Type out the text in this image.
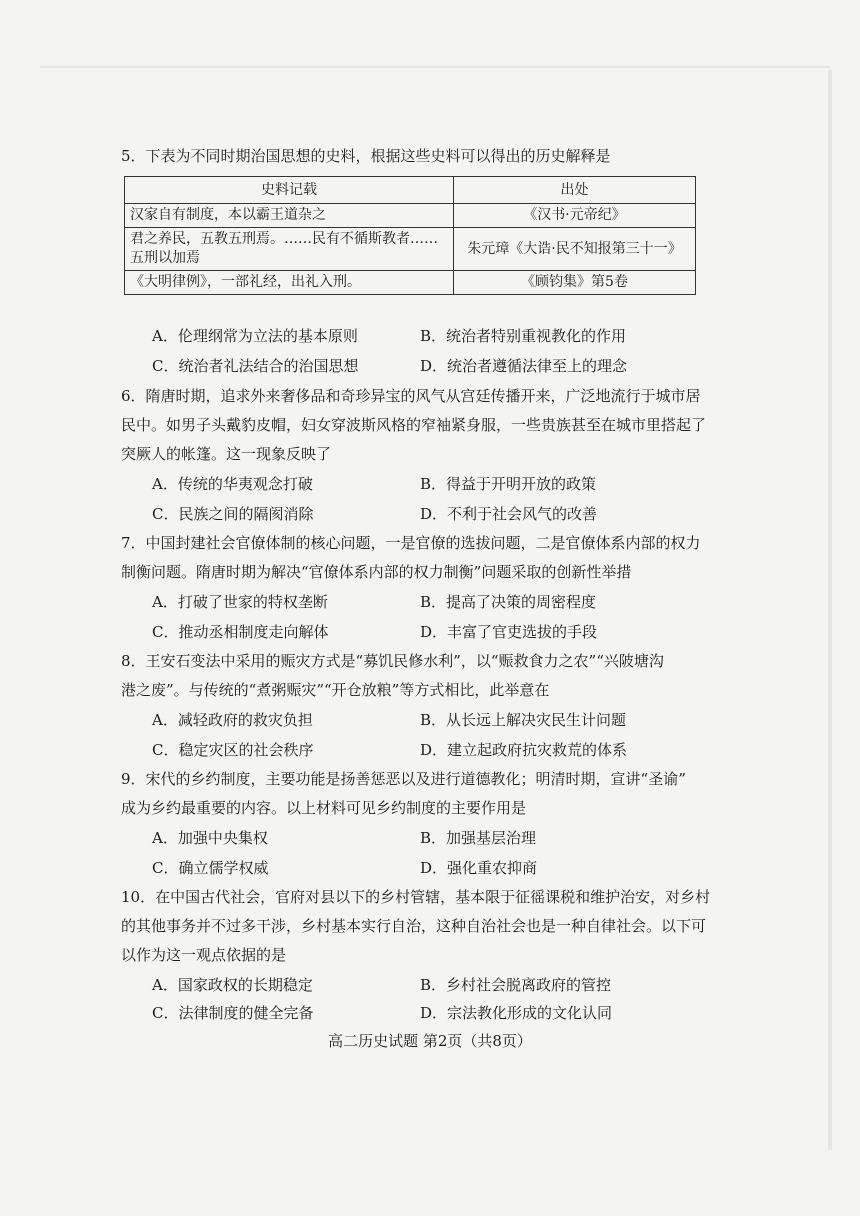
5．下表为不同时期治国思想的史料，根据这些史料可以得出的历史解释是
史料记载	出处
汉家自有制度，本以霸王道杂之	《汉书·元帝纪》

君之养民，五教五刑焉。……民有不循斯教者……
五刑以加焉	朱元璋《大诰·民不知报第三十一》
《大明律例》，一部礼经，出礼入刑。	《顾钧集》第5卷
A．伦理纲常为立法的基本原则	B．统治者特别重视教化的作用
C．统治者礼法结合的治国思想	D．统治者遵循法律至上的理念
6．隋唐时期，追求外来奢侈品和奇珍异宝的风气从宫廷传播开来，广泛地流行于城市居
民中。如男子头戴豹皮帽，妇女穿波斯风格的窄袖紧身服，一些贵族甚至在城市里搭起了
突厥人的帐篷。这一现象反映了
A．传统的华夷观念打破	B．得益于开明开放的政策
C．民族之间的隔阂消除	D．不利于社会风气的改善
7．中国封建社会官僚体制的核心问题，一是官僚的选拔问题，二是官僚体系内部的权力
制衡问题。隋唐时期为解决“官僚体系内部的权力制衡”问题采取的创新性举措
A．打破了世家的特权垄断	B．提高了决策的周密程度
C．推动丞相制度走向解体	D．丰富了官吏选拔的手段
8．王安石变法中采用的赈灾方式是“募饥民修水利”，以“赈救食力之农”“兴陂塘沟
港之废”。与传统的“煮粥赈灾”“开仓放粮”等方式相比，此举意在
A．减轻政府的救灾负担	B．从长远上解决灾民生计问题
C．稳定灾区的社会秩序	D．建立起政府抗灾救荒的体系
9．宋代的乡约制度，主要功能是扬善惩恶以及进行道德教化；明清时期，宣讲“圣谕”
成为乡约最重要的内容。以上材料可见乡约制度的主要作用是
A．加强中央集权	B．加强基层治理
C．确立儒学权威	D．强化重农抑商
10．在中国古代社会，官府对县以下的乡村管辖，基本限于征徭课税和维护治安，对乡村
的其他事务并不过多干涉，乡村基本实行自治，这种自治社会也是一种自律社会。以下可
以作为这一观点依据的是
A．国家政权的长期稳定	B．乡村社会脱离政府的管控
C．法律制度的健全完备	D．宗法教化形成的文化认同
高二历史试题 第2页（共8页）
